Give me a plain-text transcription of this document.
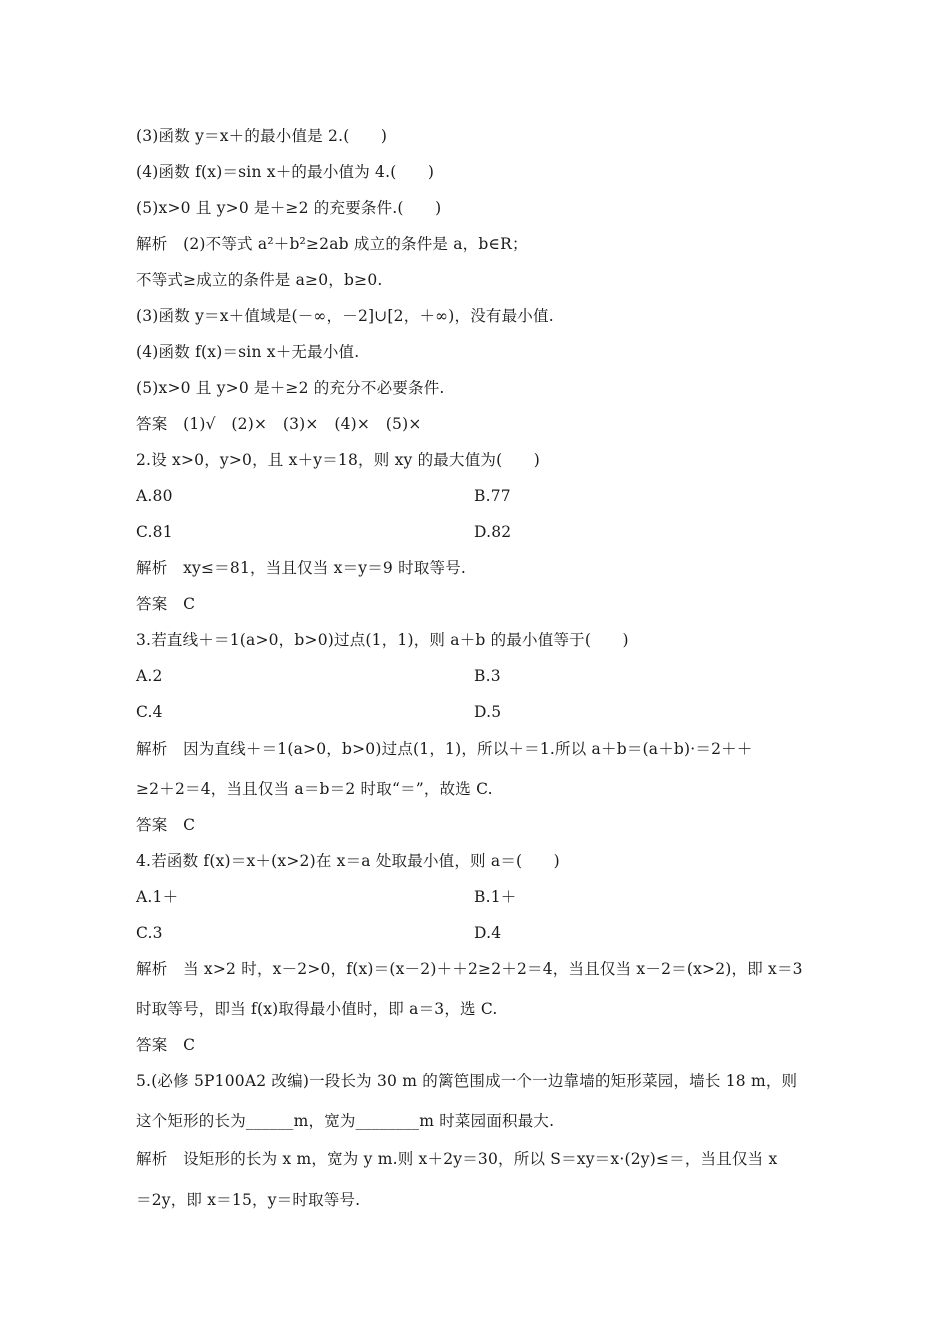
(3)函数 y＝x＋的最小值是 2.(　　)
(4)函数 f(x)＝sin x＋的最小值为 4.(　　)
(5)x>0 且 y>0 是＋≥2 的充要条件.(　　)
解析　(2)不等式 a²＋b²≥2ab 成立的条件是 a，b∈R；
不等式≥成立的条件是 a≥0，b≥0.
(3)函数 y＝x＋值域是(－∞，－2]∪[2，＋∞)，没有最小值.
(4)函数 f(x)＝sin x＋无最小值.
(5)x>0 且 y>0 是＋≥2 的充分不必要条件.
答案　(1)√　(2)×　(3)×　(4)×　(5)×
2.设 x>0，y>0，且 x＋y＝18，则 xy 的最大值为(　　)
A.80	B.77
C.81	D.82
解析　xy≤＝81，当且仅当 x＝y＝9 时取等号.
答案　C
3.若直线＋＝1(a>0，b>0)过点(1，1)，则 a＋b 的最小值等于(　　)
A.2	B.3
C.4	D.5
解析　因为直线＋＝1(a>0，b>0)过点(1，1)，所以＋＝1.所以 a＋b＝(a＋b)·＝2＋＋
≥2＋2＝4，当且仅当 a＝b＝2 时取“＝”，故选 C.
答案　C
4.若函数 f(x)＝x＋(x>2)在 x＝a 处取最小值，则 a＝(　　)
A.1＋	B.1＋
C.3	D.4
解析　当 x>2 时，x－2>0，f(x)＝(x－2)＋＋2≥2＋2＝4，当且仅当 x－2＝(x>2)，即 x＝3
时取等号，即当 f(x)取得最小值时，即 a＝3，选 C.
答案　C
5.(必修 5P100A2 改编)一段长为 30 m 的篱笆围成一个一边靠墙的矩形菜园，墙长 18 m，则
这个矩形的长为______m，宽为________m 时菜园面积最大.
解析　设矩形的长为 x m，宽为 y m.则 x＋2y＝30，所以 S＝xy＝x·(2y)≤＝，当且仅当 x
＝2y，即 x＝15，y＝时取等号.
